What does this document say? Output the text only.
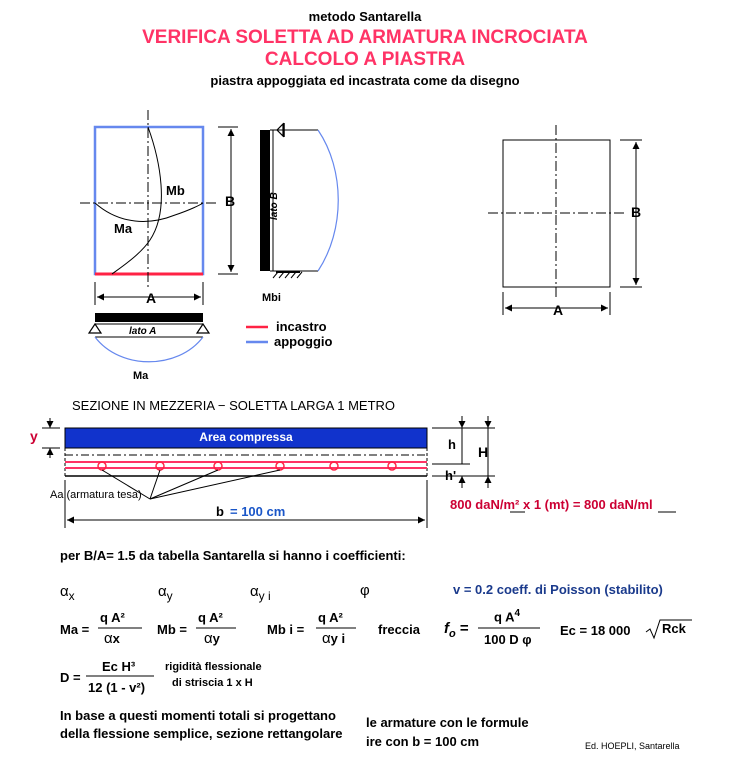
metodo Santarella
VERIFICA SOLETTA AD ARMATURA INCROCIATA
CALCOLO A PIASTRA
piastra appoggiata ed incastrata come da disegno
Mb
Ma
B
A
lato B
Mbi
lato A
Ma
incastro
appoggio
B
A
SEZIONE IN MEZZERIA − SOLETTA LARGA 1 METRO
Area compressa
y
h H
h'
Aa (armatura tesa)
b = 100 cm	800 daN/m² x 1 (mt) = 800 daN/ml
per B/A= 1.5 da tabella Santarella si hanno i coefficienti:
$\alpha_x$	$\alpha_y$	$\alpha_{y i}$	φ	v = 0.2 coeff. di Poisson (stabilito)
Ma =
q A²
αx
Mb =
q A²
αy
Mb i =
q A²
αy i
freccia $f_o$ =
q $A^4$
100 D φ
Ec = 18 000 Rck
D =
Ec H³
12 (1 - v²)
rigidità flessionale
di striscia 1 x H
In base a questi momenti totali si progettano le armature con le formule
della flessione semplice, sezione rettangolare
ire con b = 100 cm	Ed. HOEPLI, Santarella
